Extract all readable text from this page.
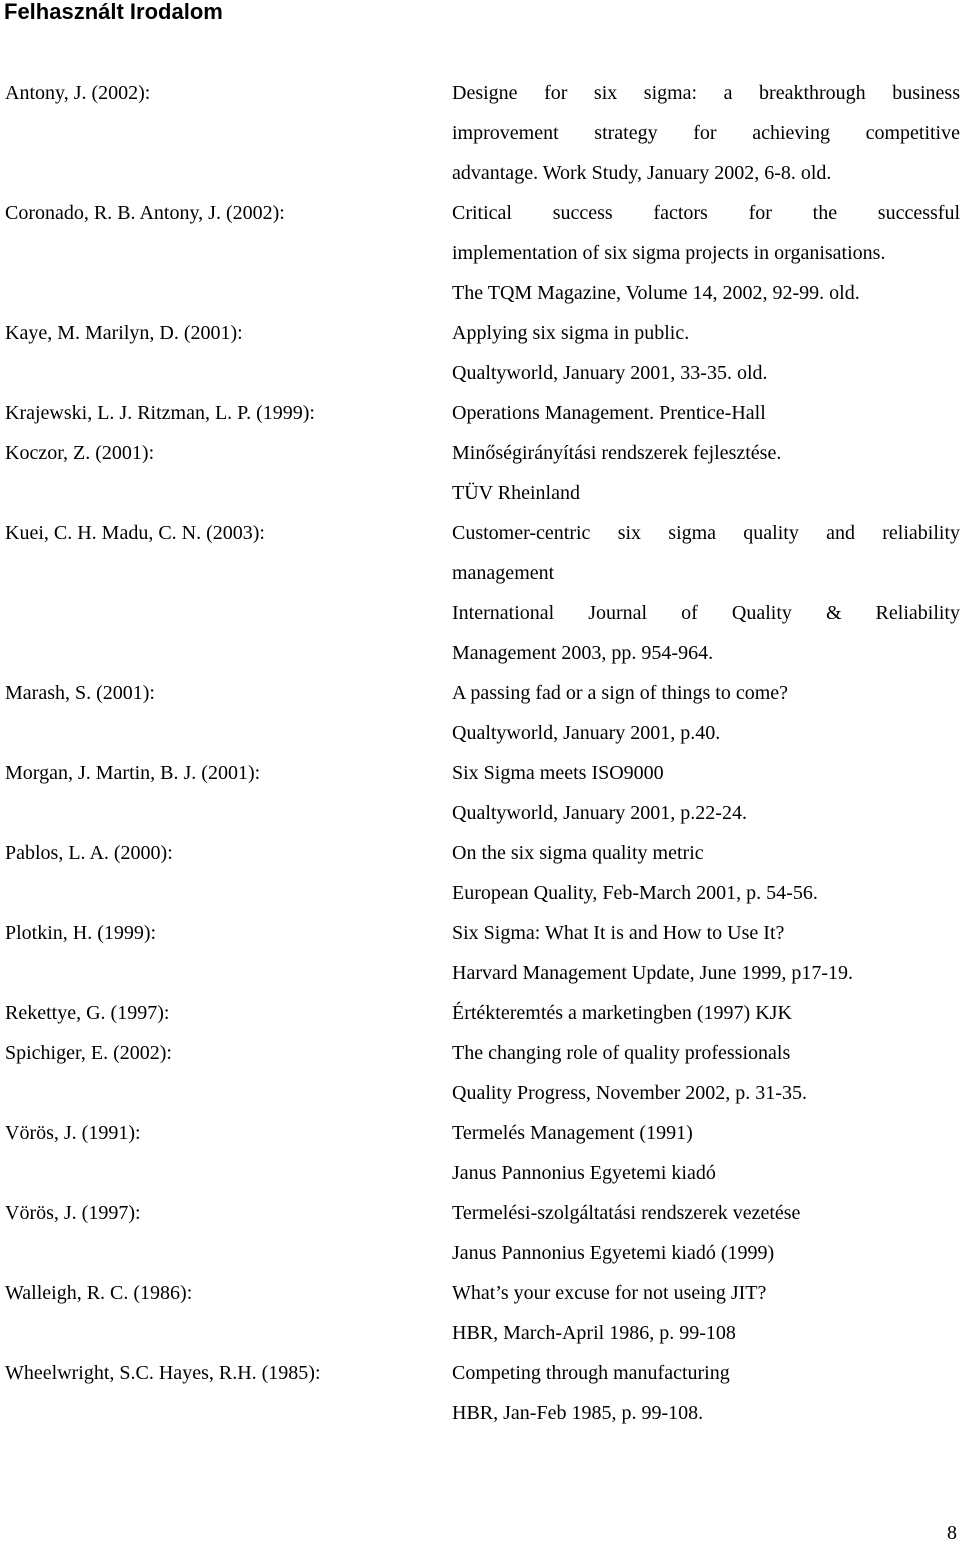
Felhasznált Irodalom
Antony, J. (2002):	Designe for six sigma: a breakthrough business
improvement strategy for achieving competitive
advantage. Work Study, January 2002, 6-8. old.
Coronado, R. B. Antony, J. (2002):	Critical success factors for the successful
implementation of six sigma projects in organisations.
The TQM Magazine, Volume 14, 2002, 92-99. old.
Kaye, M. Marilyn, D. (2001):	Applying six sigma in public.
Qualtyworld, January 2001, 33-35. old.
Krajewski, L. J. Ritzman, L. P. (1999):	Operations Management. Prentice-Hall
Koczor, Z. (2001):	Minőségirányítási rendszerek fejlesztése.
TÜV Rheinland
Kuei, C. H. Madu, C. N. (2003):	Customer-centric six sigma quality and reliability
management
International Journal of Quality & Reliability
Management 2003, pp. 954-964.
Marash, S. (2001):	A passing fad or a sign of things to come?
Qualtyworld, January 2001, p.40.
Morgan, J. Martin, B. J. (2001):	Six Sigma meets ISO9000
Qualtyworld, January 2001, p.22-24.
Pablos, L. A. (2000):	On the six sigma quality metric
European Quality, Feb-March 2001, p. 54-56.
Plotkin, H. (1999):	Six Sigma: What It is and How to Use It?
Harvard Management Update, June 1999, p17-19.
Rekettye, G. (1997):	Értékteremtés a marketingben (1997) KJK
Spichiger, E. (2002):	The changing role of quality professionals
Quality Progress, November 2002, p. 31-35.
Vörös, J. (1991):	Termelés Management (1991)
Janus Pannonius Egyetemi kiadó
Vörös, J. (1997):	Termelési-szolgáltatási rendszerek vezetése
Janus Pannonius Egyetemi kiadó (1999)
Walleigh, R. C. (1986):	What’s your excuse for not useing JIT?
HBR, March-April 1986, p. 99-108
Wheelwright, S.C. Hayes, R.H. (1985):	Competing through manufacturing
HBR, Jan-Feb 1985, p. 99-108.
8
